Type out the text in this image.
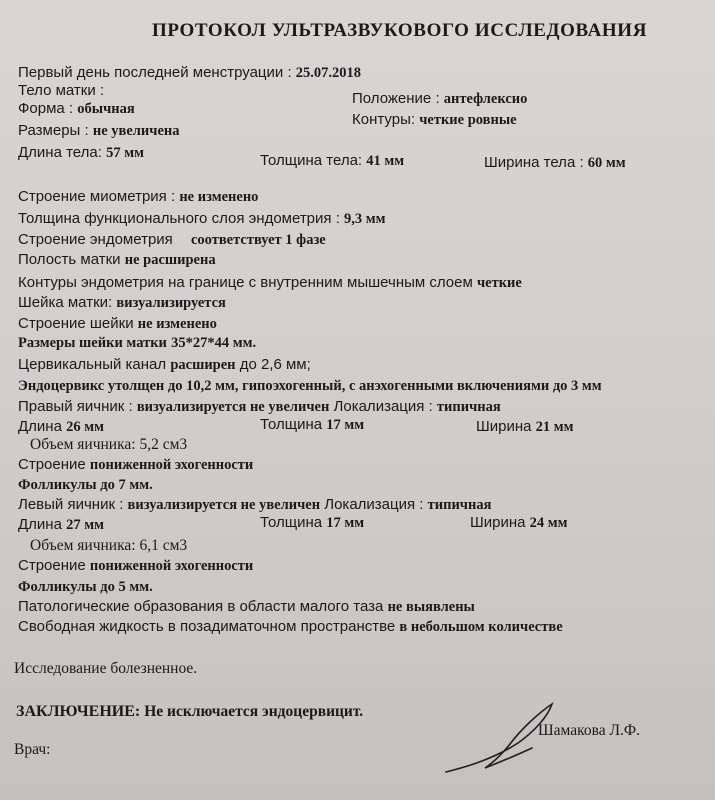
ПРОТОКОЛ УЛЬТРАЗВУКОВОГО ИССЛЕДОВАНИЯ
Первый день последней менструации : 25.07.2018
Тело матки :	Положение : антефлексио
Форма : обычная
Контуры: четкие ровные
Размеры : не увеличена
Длина тела: 57 мм	Толщина тела: 41 мм	Ширина тела : 60 мм
Строение миометрия : не изменено
Толщина функционального слоя эндометрия : 9,3 мм
Строение эндометрия соответствует 1 фазе
Полость матки не расширена
Контуры эндометрия на границе с внутренним мышечным слоем четкие
Шейка матки: визуализируется
Строение шейки не изменено
Размеры шейки матки 35*27*44 мм.
Цервикальный канал расширен до 2,6 мм;
Эндоцервикс утолщен до 10,2 мм, гипоэхогенный, с анэхогенными включениями до 3 мм
Правый яичник : визуализируется не увеличен Локализация : типичная
Длина 26 мм	Толщина 17 мм	Ширина 21 мм
Объем яичника: 5,2 см3
Строение пониженной эхогенности
Фолликулы до 7 мм.
Левый яичник : визуализируется не увеличен Локализация : типичная
Длина 27 мм	Толщина 17 мм	Ширина 24 мм
Объем яичника: 6,1 см3
Строение пониженной эхогенности
Фолликулы до 5 мм.
Патологические образования в области малого таза не выявлены
Свободная жидкость в позадиматочном пространстве в небольшом количестве
Исследование болезненное.
ЗАКЛЮЧЕНИЕ: Не исключается эндоцервицит.
Врач:
Шамакова Л.Ф.
